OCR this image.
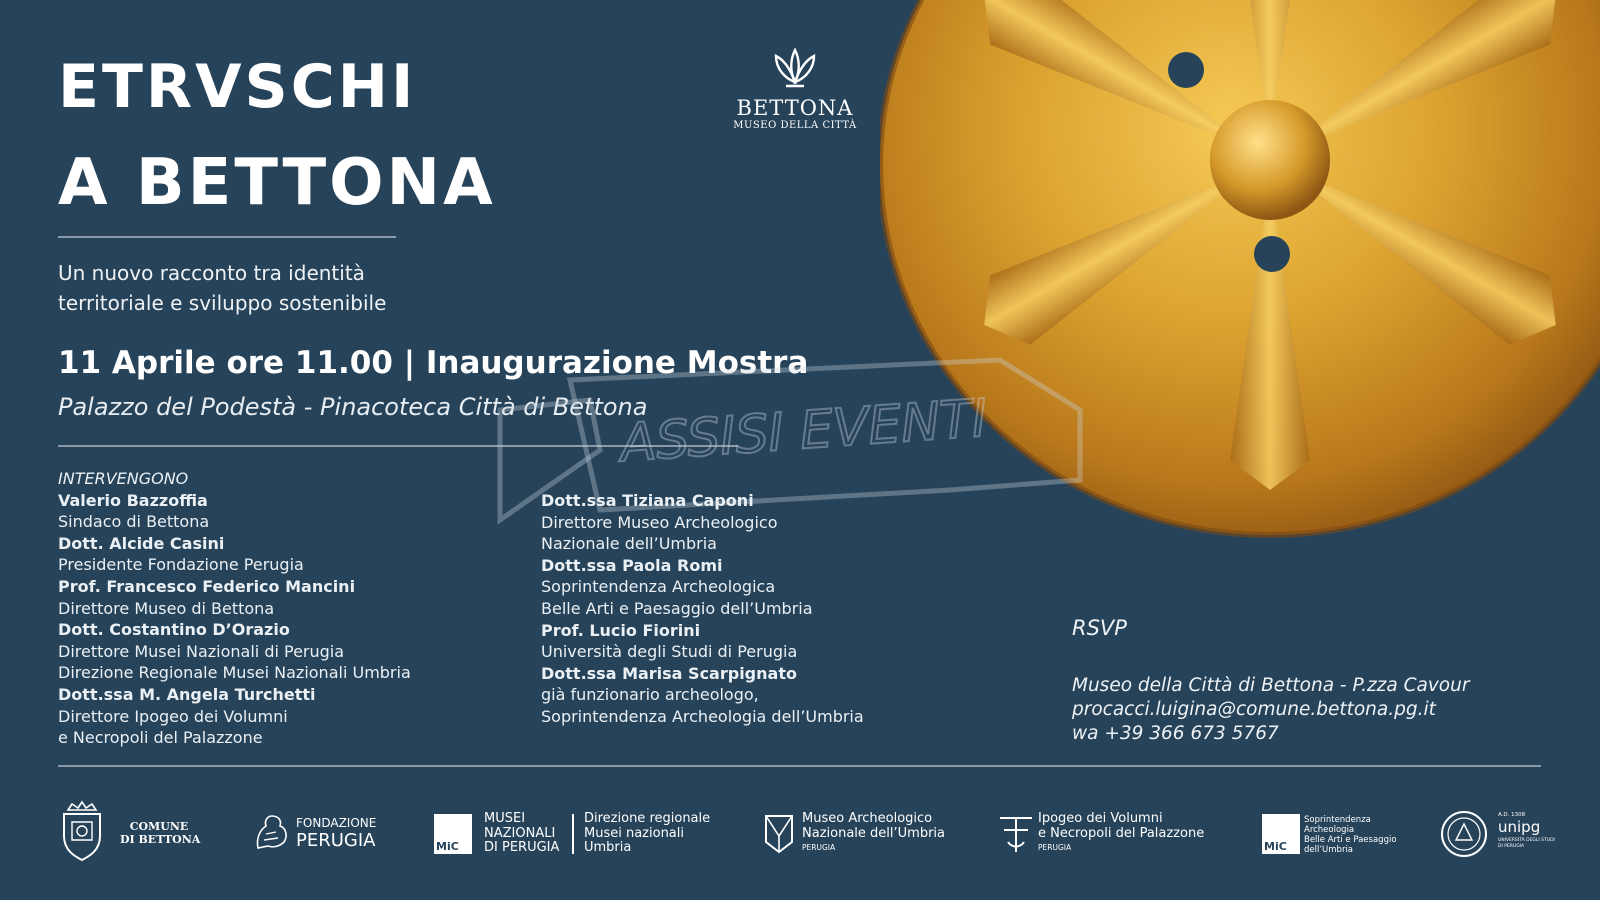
ETRVSCHI
A BETTONA
Un nuovo racconto tra identità
territoriale e sviluppo sostenibile
11 Aprile ore 11.00 | Inaugurazione Mostra
Palazzo del Podestà - Pinacoteca Città di Bettona
BETTONA
MUSEO DELLA CITTÀ
ASSISI EVENTI
INTERVENGONO
Valerio Bazzoffia
Sindaco di Bettona
Dott. Alcide Casini
Presidente Fondazione Perugia
Prof. Francesco Federico Mancini
Direttore Museo di Bettona
Dott. Costantino D’Orazio
Direttore Musei Nazionali di Perugia
Direzione Regionale Musei Nazionali Umbria
Dott.ssa M. Angela Turchetti
Direttore Ipogeo dei Volumni
e Necropoli del Palazzone
Dott.ssa Tiziana Caponi
Direttore Museo Archeologico
Nazionale dell’Umbria
Dott.ssa Paola Romi
Soprintendenza Archeologica
Belle Arti e Paesaggio dell’Umbria
Prof. Lucio Fiorini
Università degli Studi di Perugia
Dott.ssa Marisa Scarpignato
già funzionario archeologo,
Soprintendenza Archeologia dell’Umbria
RSVP
Museo della Città di Bettona - P.zza Cavour
procacci.luigina@comune.bettona.pg.it
wa +39 366 673 5767
COMUNE
DI BETTONA
FONDAZIONE
PERUGIA	MiC
MUSEI
NAZIONALI
DI PERUGIA
Direzione regionale
Musei nazionali
Umbria
Museo Archeologico
Nazionale dell’Umbria
PERUGIA
Ipogeo dei Volumni
e Necropoli del Palazzone
PERUGIA	MiC
Soprintendenza
Archeologia
Belle Arti e Paesaggio
dell’Umbria
A.D. 1308
unipg
UNIVERSITÀ DEGLI STUDI
DI PERUGIA
